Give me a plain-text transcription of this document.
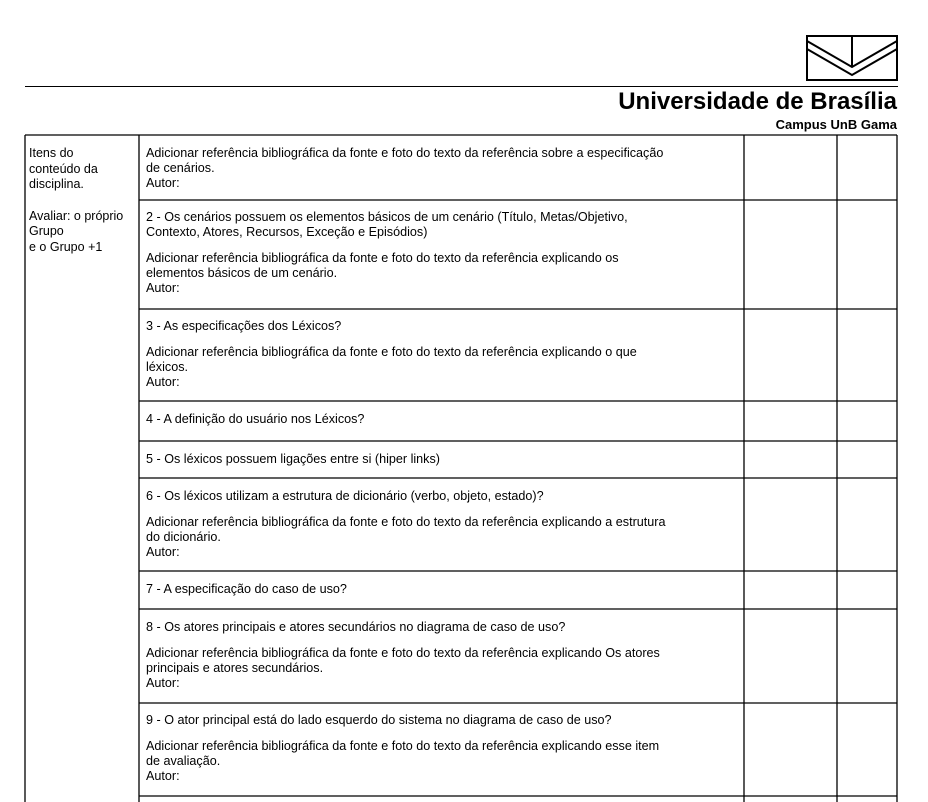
Universidade de Brasília
Campus UnB Gama

Itens do

conteúdo da

disciplina.

Avaliar: o próprio

Grupo

e o Grupo +1

Adicionar referência bibliográfica da fonte e foto do texto da referência sobre a especificação

de cenários.

Autor:

2 - Os cenários possuem os elementos básicos de um cenário (Título, Metas/Objetivo,

Contexto, Atores, Recursos, Exceção e Episódios)

Adicionar referência bibliográfica da fonte e foto do texto da referência explicando os

elementos básicos de um cenário.

Autor:

3 - As especificações dos Léxicos?

Adicionar referência bibliográfica da fonte e foto do texto da referência explicando o que

léxicos.

Autor:

4 - A definição do usuário nos Léxicos?

5 - Os léxicos possuem ligações entre si (hiper links)

6 - Os léxicos utilizam a estrutura de dicionário (verbo, objeto, estado)?

Adicionar referência bibliográfica da fonte e foto do texto da referência explicando a estrutura

do dicionário.

Autor:

7 - A especificação do caso de uso?

8 - Os atores principais e atores secundários no diagrama de caso de uso?

Adicionar referência bibliográfica da fonte e foto do texto da referência explicando Os atores

principais e atores secundários.

Autor:

9 - O ator principal está do lado esquerdo do sistema no diagrama de caso de uso?

Adicionar referência bibliográfica da fonte e foto do texto da referência explicando esse item

de avaliação.

Autor:
